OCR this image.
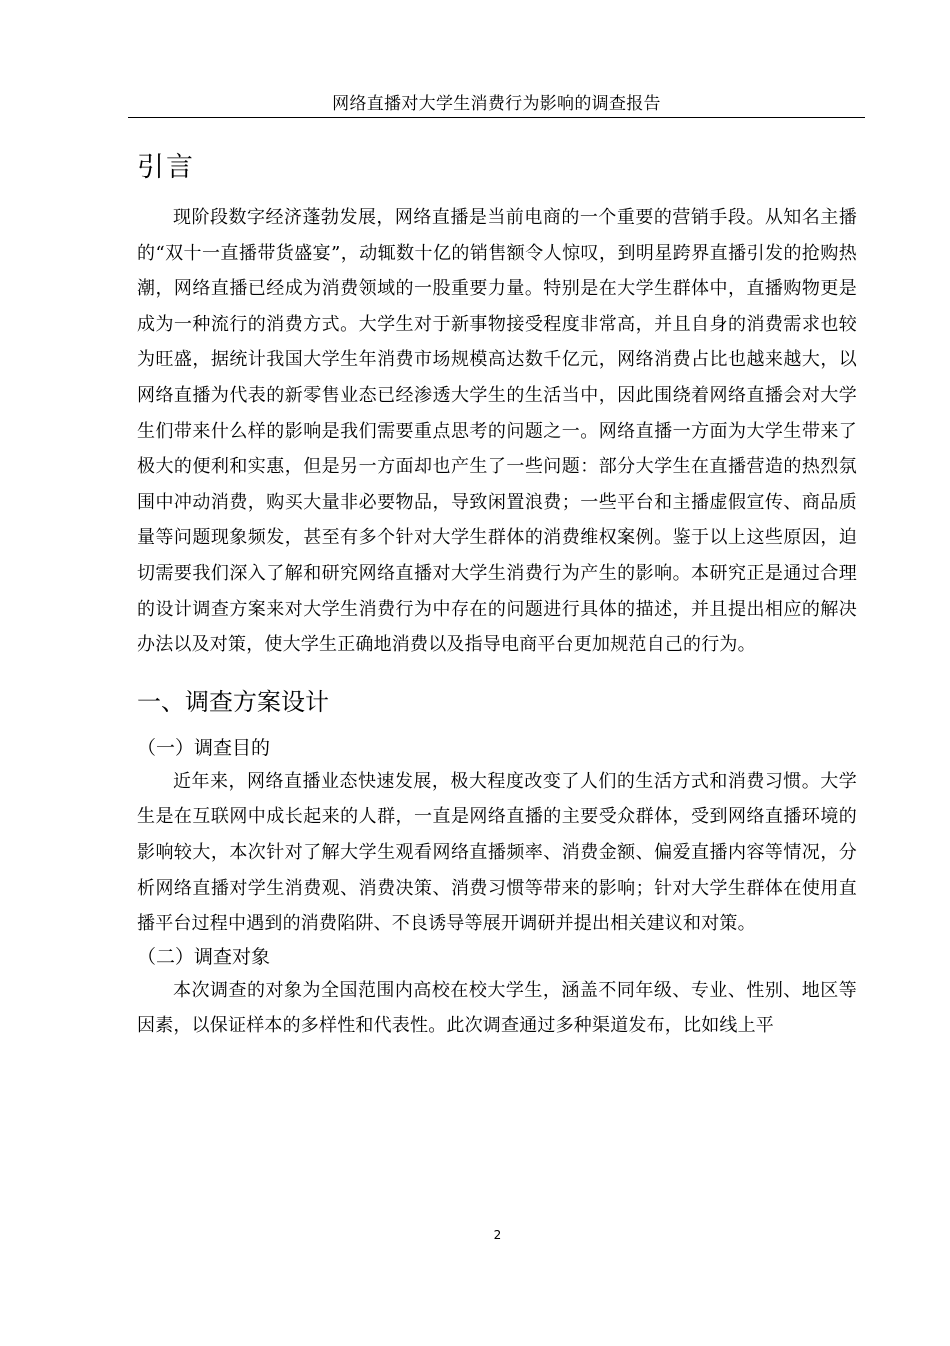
网络直播对大学生消费行为影响的调查报告
引言

现阶段数字经济蓬勃发展，网络直播是当前电商的一个重要的营销手段。从知名主播的“双十一直播带货盛宴”，动辄数十亿的销售额令人惊叹，到明星跨界直播引发的抢购热潮，网络直播已经成为消费领域的一股重要力量。特别是在大学生群体中，直播购物更是成为一种流行的消费方式。大学生对于新事物接受程度非常高，并且自身的消费需求也较为旺盛，据统计我国大学生年消费市场规模高达数千亿元，网络消费占比也越来越大，以网络直播为代表的新零售业态已经渗透大学生的生活当中，因此围绕着网络直播会对大学生们带来什么样的影响是我们需要重点思考的问题之一。网络直播一方面为大学生带来了极大的便利和实惠，但是另一方面却也产生了一些问题：部分大学生在直播营造的热烈氛围中冲动消费，购买大量非必要物品，导致闲置浪费；一些平台和主播虚假宣传、商品质量等问题现象频发，甚至有多个针对大学生群体的消费维权案例。鉴于以上这些原因，迫切需要我们深入了解和研究网络直播对大学生消费行为产生的影响。本研究正是通过合理的设计调查方案来对大学生消费行为中存在的问题进行具体的描述，并且提出相应的解决办法以及对策，使大学生正确地消费以及指导电商平台更加规范自己的行为。

一、调查方案设计
（一）调查目的

近年来，网络直播业态快速发展，极大程度改变了人们的生活方式和消费习惯。大学生是在互联网中成长起来的人群，一直是网络直播的主要受众群体，受到网络直播环境的影响较大，本次针对了解大学生观看网络直播频率、消费金额、偏爱直播内容等情况，分析网络直播对学生消费观、消费决策、消费习惯等带来的影响；针对大学生群体在使用直播平台过程中遇到的消费陷阱、不良诱导等展开调研并提出相关建议和对策。

（二）调查对象

本次调查的对象为全国范围内高校在校大学生，涵盖不同年级、专业、性别、地区等因素，以保证样本的多样性和代表性。此次调查通过多种渠道发布，比如线上平

2
